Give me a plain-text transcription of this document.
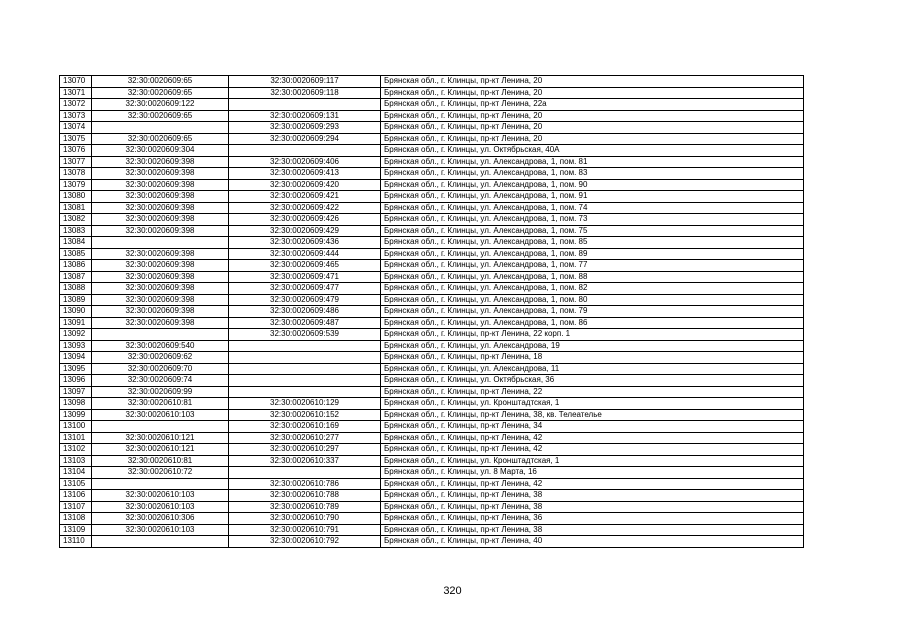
13070	32:30:0020609:65	32:30:0020609:117	Брянская обл., г. Клинцы, пр-кт Ленина, 20
13071	32:30:0020609:65	32:30:0020609:118	Брянская обл., г. Клинцы, пр-кт Ленина, 20
13072	32:30:0020609:122		Брянская обл., г. Клинцы, пр-кт Ленина, 22а
13073	32:30:0020609:65	32:30:0020609:131	Брянская обл., г. Клинцы, пр-кт Ленина, 20
13074		32:30:0020609:293	Брянская обл., г. Клинцы, пр-кт Ленина, 20
13075	32:30:0020609:65	32:30:0020609:294	Брянская обл., г. Клинцы, пр-кт Ленина, 20
13076	32:30:0020609:304		Брянская обл., г. Клинцы, ул. Октябрьская, 40А
13077	32:30:0020609:398	32:30:0020609:406	Брянская обл., г. Клинцы, ул. Александрова, 1, пом. 81
13078	32:30:0020609:398	32:30:0020609:413	Брянская обл., г. Клинцы, ул. Александрова, 1, пом. 83
13079	32:30:0020609:398	32:30:0020609:420	Брянская обл., г. Клинцы, ул. Александрова, 1, пом. 90
13080	32:30:0020609:398	32:30:0020609:421	Брянская обл., г. Клинцы, ул. Александрова, 1, пом. 91
13081	32:30:0020609:398	32:30:0020609:422	Брянская обл., г. Клинцы, ул. Александрова, 1, пом. 74
13082	32:30:0020609:398	32:30:0020609:426	Брянская обл., г. Клинцы, ул. Александрова, 1, пом. 73
13083	32:30:0020609:398	32:30:0020609:429	Брянская обл., г. Клинцы, ул. Александрова, 1, пом. 75
13084		32:30:0020609:436	Брянская обл., г. Клинцы, ул. Александрова, 1, пом. 85
13085	32:30:0020609:398	32:30:0020609:444	Брянская обл., г. Клинцы, ул. Александрова, 1, пом. 89
13086	32:30:0020609:398	32:30:0020609:465	Брянская обл., г. Клинцы, ул. Александрова, 1, пом. 77
13087	32:30:0020609:398	32:30:0020609:471	Брянская обл., г. Клинцы, ул. Александрова, 1, пом. 88
13088	32:30:0020609:398	32:30:0020609:477	Брянская обл., г. Клинцы, ул. Александрова, 1, пом. 82
13089	32:30:0020609:398	32:30:0020609:479	Брянская обл., г. Клинцы, ул. Александрова, 1, пом. 80
13090	32:30:0020609:398	32:30:0020609:486	Брянская обл., г. Клинцы, ул. Александрова, 1, пом. 79
13091	32:30:0020609:398	32:30:0020609:487	Брянская обл., г. Клинцы, ул. Александрова, 1, пом. 86
13092		32:30:0020609:539	Брянская обл., г. Клинцы, пр-кт Ленина, 22 корп. 1
13093	32:30:0020609:540		Брянская обл., г. Клинцы, ул. Александрова, 19
13094	32:30:0020609:62		Брянская обл., г. Клинцы, пр-кт Ленина, 18
13095	32:30:0020609:70		Брянская обл., г. Клинцы, ул. Александрова, 11
13096	32:30:0020609:74		Брянская обл., г. Клинцы, ул. Октябрьская, 36
13097	32:30:0020609:99		Брянская обл., г. Клинцы, пр-кт Ленина, 22
13098	32:30:0020610:81	32:30:0020610:129	Брянская обл., г. Клинцы, ул. Кронштадтская, 1
13099	32:30:0020610:103	32:30:0020610:152	Брянская обл., г. Клинцы, пр-кт Ленина, 38, кв. Телеателье
13100		32:30:0020610:169	Брянская обл., г. Клинцы, пр-кт Ленина, 34
13101	32:30:0020610:121	32:30:0020610:277	Брянская обл., г. Клинцы, пр-кт Ленина, 42
13102	32:30:0020610:121	32:30:0020610:297	Брянская обл., г. Клинцы, пр-кт Ленина, 42
13103	32:30:0020610:81	32:30:0020610:337	Брянская обл., г. Клинцы, ул. Кронштадтская, 1
13104	32:30:0020610:72		Брянская обл., г. Клинцы, ул. 8 Марта, 16
13105		32:30:0020610:786	Брянская обл., г. Клинцы, пр-кт Ленина, 42
13106	32:30:0020610:103	32:30:0020610:788	Брянская обл., г. Клинцы, пр-кт Ленина, 38
13107	32:30:0020610:103	32:30:0020610:789	Брянская обл., г. Клинцы, пр-кт Ленина, 38
13108	32:30:0020610:306	32:30:0020610:790	Брянская обл., г. Клинцы, пр-кт Ленина, 36
13109	32:30:0020610:103	32:30:0020610:791	Брянская обл., г. Клинцы, пр-кт Ленина, 38
13110		32:30:0020610:792	Брянская обл., г. Клинцы, пр-кт Ленина, 40
320
